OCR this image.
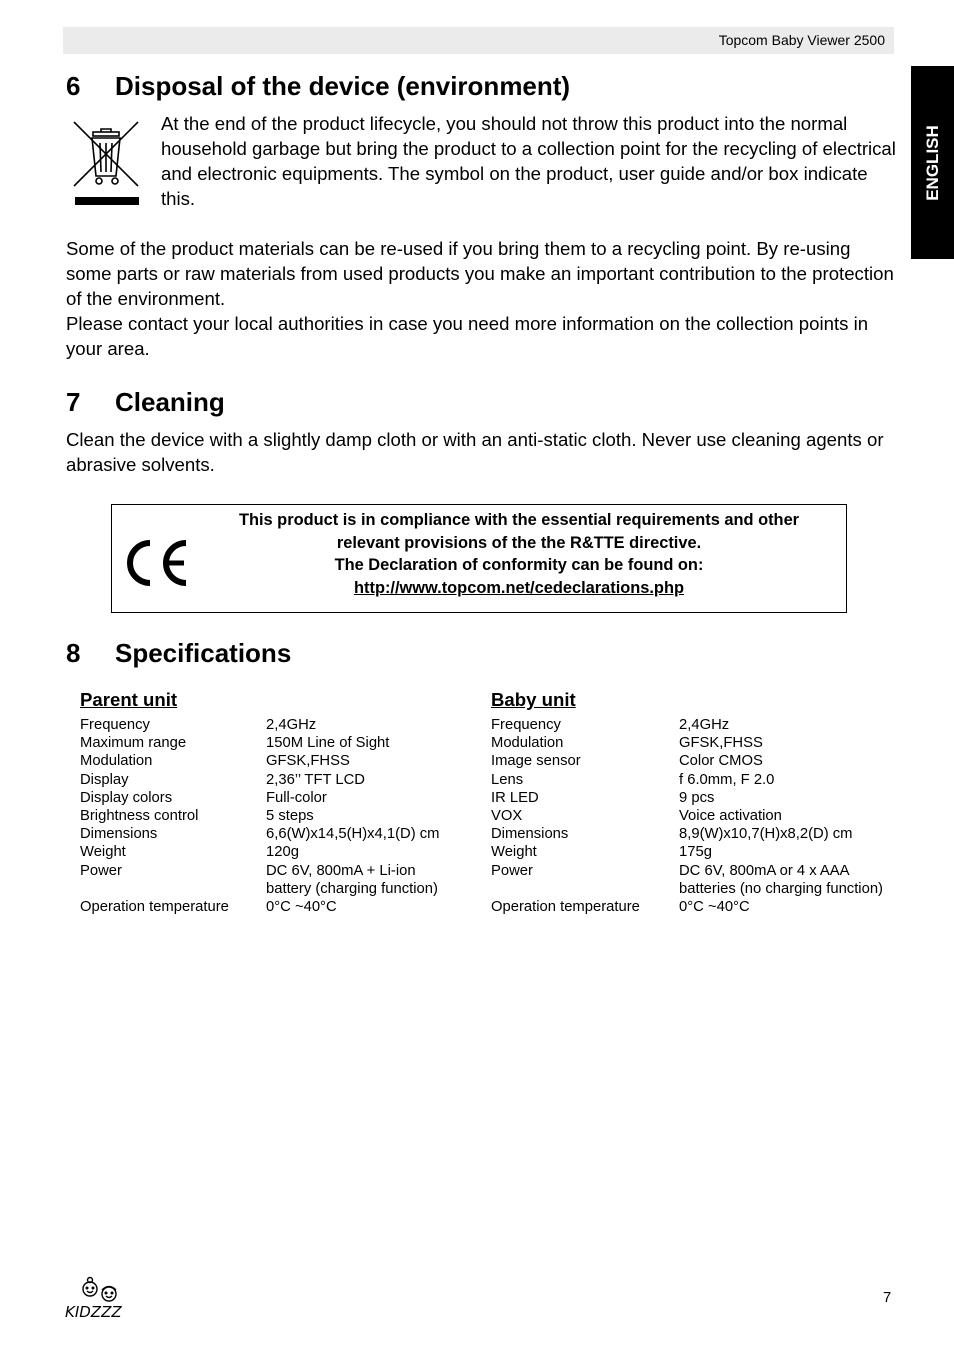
Topcom Baby Viewer 2500
ENGLISH
6 Disposal of the device (environment)

At the end of the product lifecycle, you should not throw this product into the normal household garbage but bring the product to a collection point for the recycling of electrical and electronic equipments. The symbol on the product, user guide and/or box indicate this.

Some of the product materials can be re-used if you bring them to a recycling point. By re-using some parts or raw materials from used products you make an important contribution to the protection of the environment.

Please contact your local authorities in case you need more information on the collection points in your area.

7 Cleaning

Clean the device with a slightly damp cloth or with an anti-static cloth. Never use cleaning agents or abrasive solvents.

This product is in compliance with the essential requirements and other
relevant provisions of the the R&TTE directive.
The Declaration of conformity can be found on:
http://www.topcom.net/cedeclarations.php
8 Specifications
Parent unit
Frequency	2,4GHz

Maximum range	150M Line of Sight

Modulation	GFSK,FHSS

Display	2,36’’ TFT LCD

Display colors	Full-color

Brightness control	5 steps

Dimensions	6,6(W)x14,5(H)x4,1(D) cm

Weight	120g

Power	DC 6V, 800mA + Li-ion
battery (charging function)

Operation temperature	0°C ~40°C
Baby unit
Frequency	2,4GHz

Modulation	GFSK,FHSS

Image sensor	Color CMOS

Lens	f 6.0mm, F 2.0

IR LED	9 pcs

VOX	Voice activation

Dimensions	8,9(W)x10,7(H)x8,2(D) cm

Weight	175g

Power	DC 6V, 800mA or 4 x AAA
batteries (no charging function)

Operation temperature	0°C ~40°C
KIDZZZ
7
